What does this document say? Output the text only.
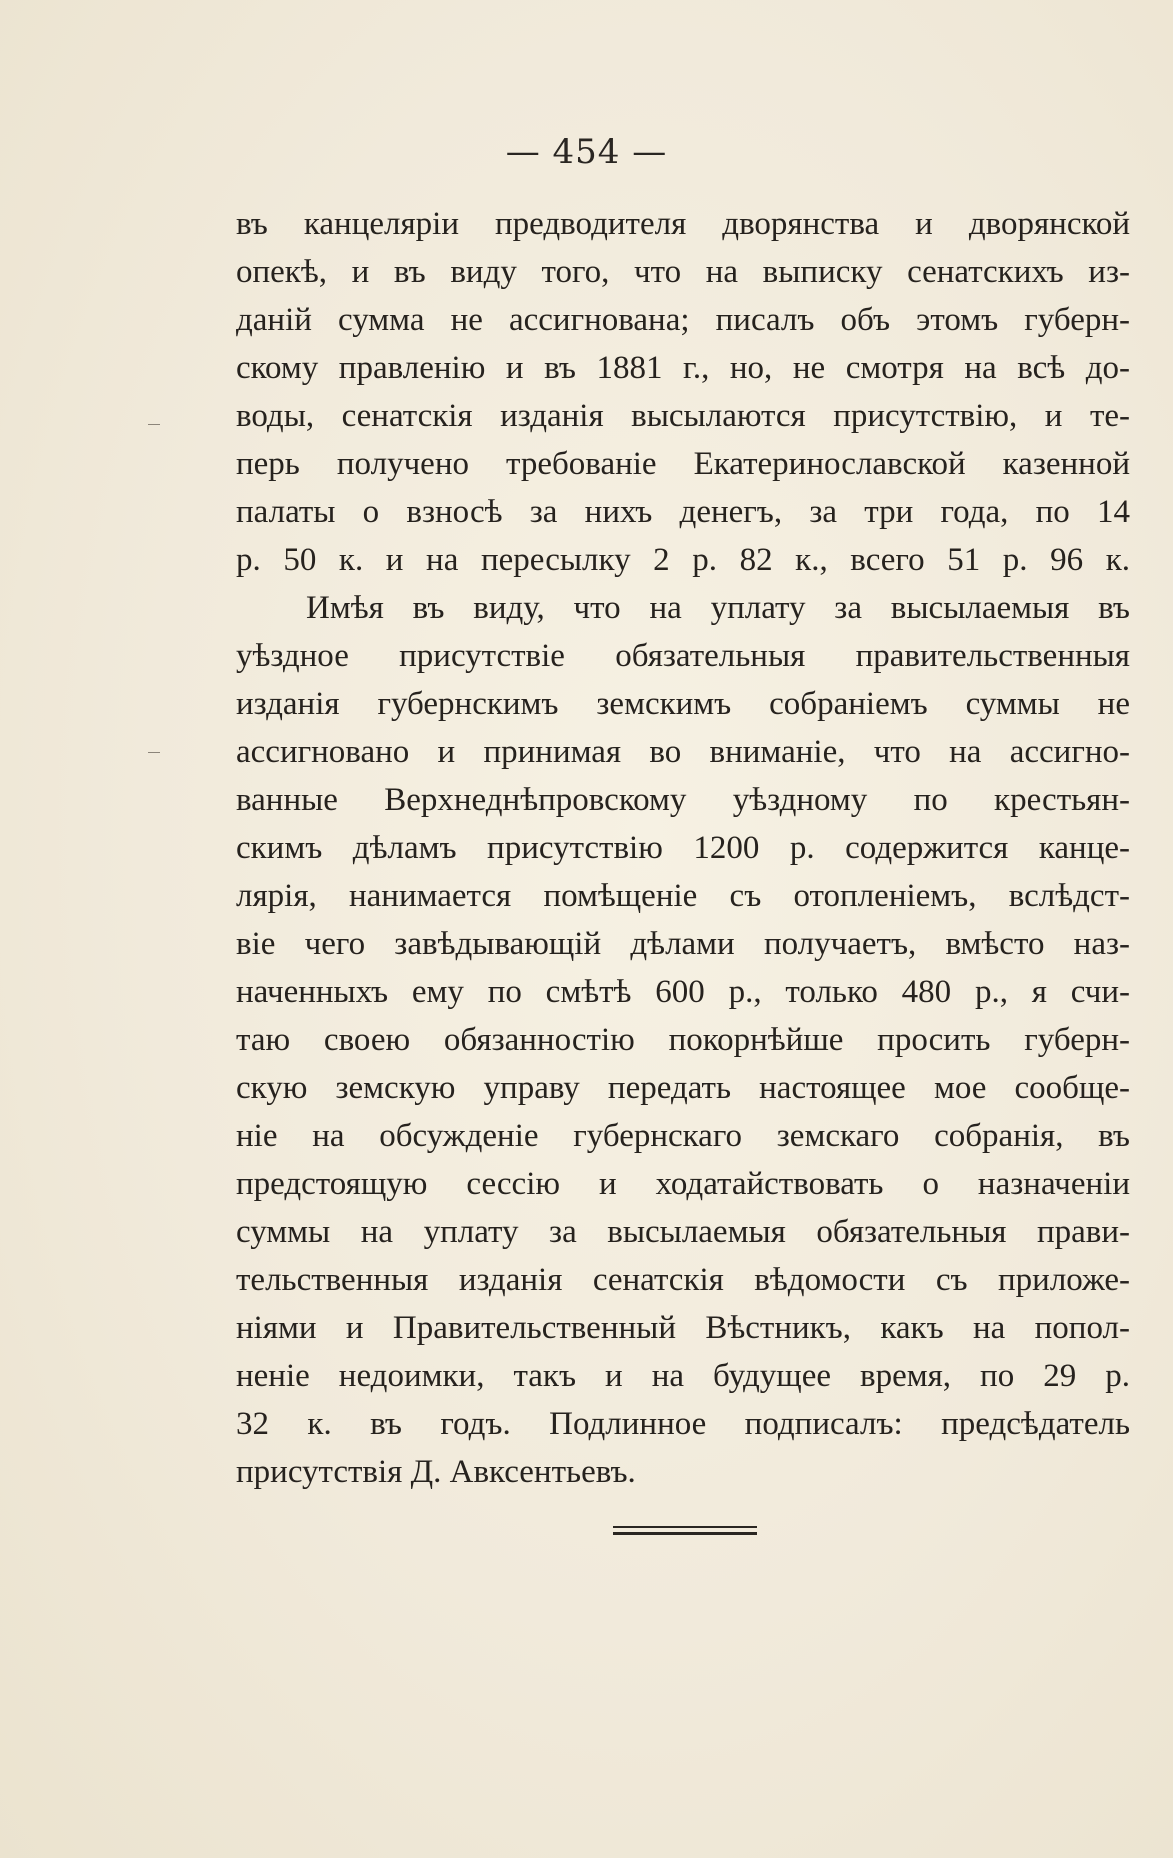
— 454 —
въ канцеляріи предводителя дворянства и дворянской
опекѣ, и въ виду того, что на выписку сенатскихъ из-
даній сумма не ассигнована; писалъ объ этомъ губерн-
скому правленію и въ 1881 г., но, не смотря на всѣ до-
воды, сенатскія изданія высылаются присутствію, и те-
перь получено требованіе Екатеринославской казенной
палаты о взносѣ за нихъ денегъ, за три года, по 14
р. 50 к. и на пересылку 2 р. 82 к., всего 51 р. 96 к.
Имѣя въ виду, что на уплату за высылаемыя въ
уѣздное присутствіе обязательныя правительственныя
изданія губернскимъ земскимъ собраніемъ суммы не
ассигновано и принимая во вниманіе, что на ассигно-
ванные Верхнеднѣпровскому уѣздному по крестьян-
скимъ дѣламъ присутствію 1200 р. содержится канце-
лярія, нанимается помѣщеніе съ отопленіемъ, вслѣдст-
віе чего завѣдывающій дѣлами получаетъ, вмѣсто наз-
наченныхъ ему по смѣтѣ 600 р., только 480 р., я счи-
таю своею обязанностію покорнѣйше просить губерн-
скую земскую управу передать настоящее мое сообще-
ніе на обсужденіе губернскаго земскаго собранія, въ
предстоящую сессію и ходатайствовать о назначеніи
суммы на уплату за высылаемыя обязательныя прави-
тельственныя изданія сенатскія вѣдомости съ приложе-
ніями и Правительственный Вѣстникъ, какъ на попол-
неніе недоимки, такъ и на будущее время, по 29 р.
32 к. въ годъ. Подлинное подписалъ: предсѣдатель
присутствія Д. Авксентьевъ.
